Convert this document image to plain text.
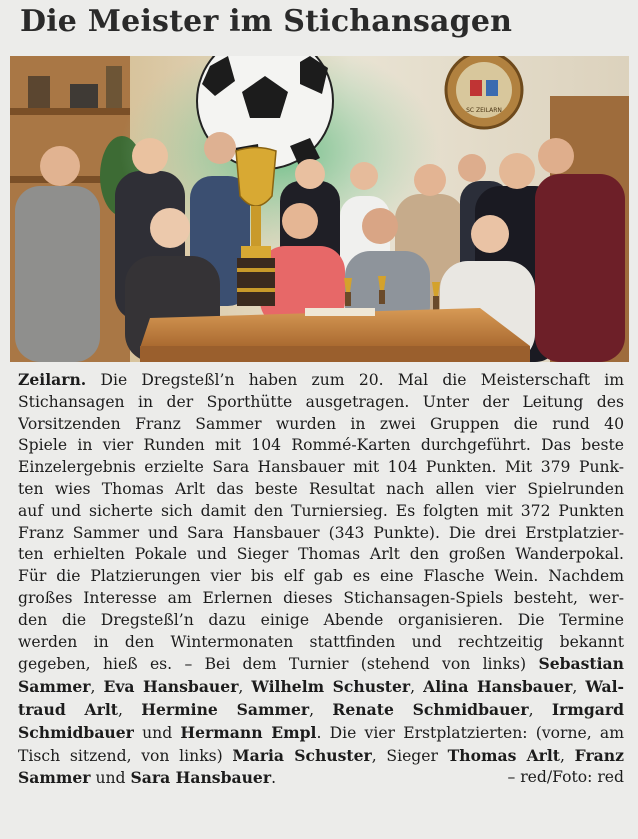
Die Meister im Stichansagen
SC ZEILARN
Zeilarn. Die Dregsteßl’n haben zum 20. Mal die Meisterschaft im
Stichansagen in der Sporthütte ausgetragen. Unter der Leitung des
Vorsitzenden Franz Sammer wurden in zwei Gruppen die rund 40
Spiele in vier Runden mit 104 Rommé-Karten durchgeführt. Das beste
Einzelergebnis erzielte Sara Hansbauer mit 104 Punkten. Mit 379 Punk-
ten wies Thomas Arlt das beste Resultat nach allen vier Spielrunden
auf und sicherte sich damit den Turniersieg. Es folgten mit 372 Punkten
Franz Sammer und Sara Hansbauer (343 Punkte). Die drei Erstplatzier-
ten erhielten Pokale und Sieger Thomas Arlt den großen Wanderpokal.
Für die Platzierungen vier bis elf gab es eine Flasche Wein. Nachdem
großes Interesse am Erlernen dieses Stichansagen-Spiels besteht, wer-
den die Dregsteßl’n dazu einige Abende organisieren. Die Termine
werden in den Wintermonaten stattfinden und rechtzeitig bekannt
gegeben, hieß es. – Bei dem Turnier (stehend von links) Sebastian
Sammer, Eva Hansbauer, Wilhelm Schuster, Alina Hansbauer, Wal-
traud Arlt, Hermine Sammer, Renate Schmidbauer, Irmgard
Schmidbauer und Hermann Empl. Die vier Erstplatzierten: (vorne, am
Tisch sitzend, von links) Maria Schuster, Sieger Thomas Arlt, Franz
Sammer und Sara Hansbauer.	– red/Foto: red
